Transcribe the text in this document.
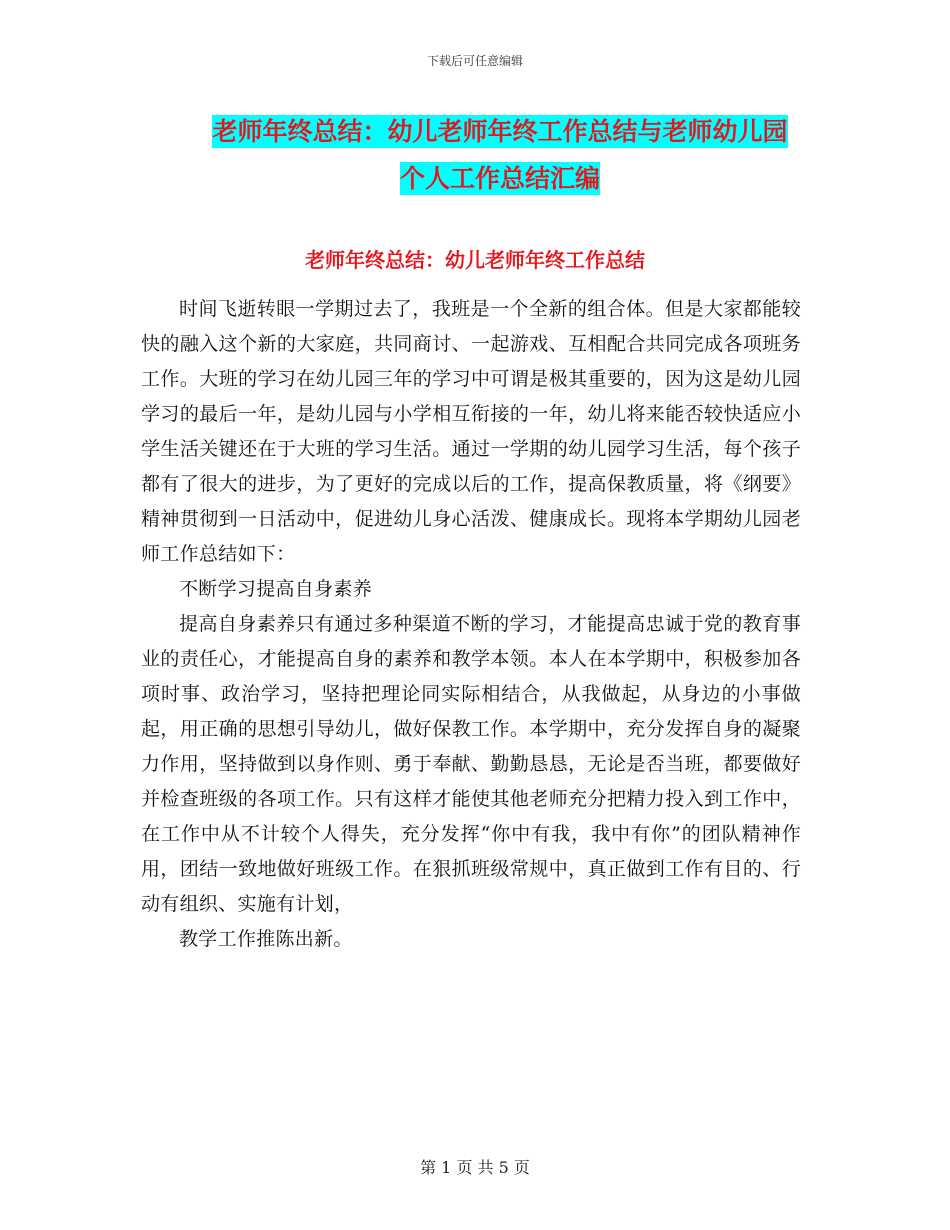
下载后可任意编辑
老师年终总结：幼儿老师年终工作总结与老师幼儿园
个人工作总结汇编
老师年终总结：幼儿老师年终工作总结

时间飞逝转眼一学期过去了，我班是一个全新的组合体。但是大家都能较快的融入这个新的大家庭，共同商讨、一起游戏、互相配合共同完成各项班务工作。大班的学习在幼儿园三年的学习中可谓是极其重要的，因为这是幼儿园学习的最后一年，是幼儿园与小学相互衔接的一年，幼儿将来能否较快适应小学生活关键还在于大班的学习生活。通过一学期的幼儿园学习生活，每个孩子都有了很大的进步，为了更好的完成以后的工作，提高保教质量，将《纲要》精神贯彻到一日活动中，促进幼儿身心活泼、健康成长。现将本学期幼儿园老师工作总结如下：

不断学习提高自身素养

提高自身素养只有通过多种渠道不断的学习，才能提高忠诚于党的教育事业的责任心，才能提高自身的素养和教学本领。本人在本学期中，积极参加各项时事、政治学习，坚持把理论同实际相结合，从我做起，从身边的小事做起，用正确的思想引导幼儿，做好保教工作。本学期中，充分发挥自身的凝聚力作用，坚持做到以身作则、勇于奉献、勤勤恳恳，无论是否当班，都要做好并检查班级的各项工作。只有这样才能使其他老师充分把精力投入到工作中，在工作中从不计较个人得失，充分发挥“你中有我，我中有你”的团队精神作用，团结一致地做好班级工作。在狠抓班级常规中，真正做到工作有目的、行动有组织、实施有计划，

教学工作推陈出新。

第 1 页 共 5 页
